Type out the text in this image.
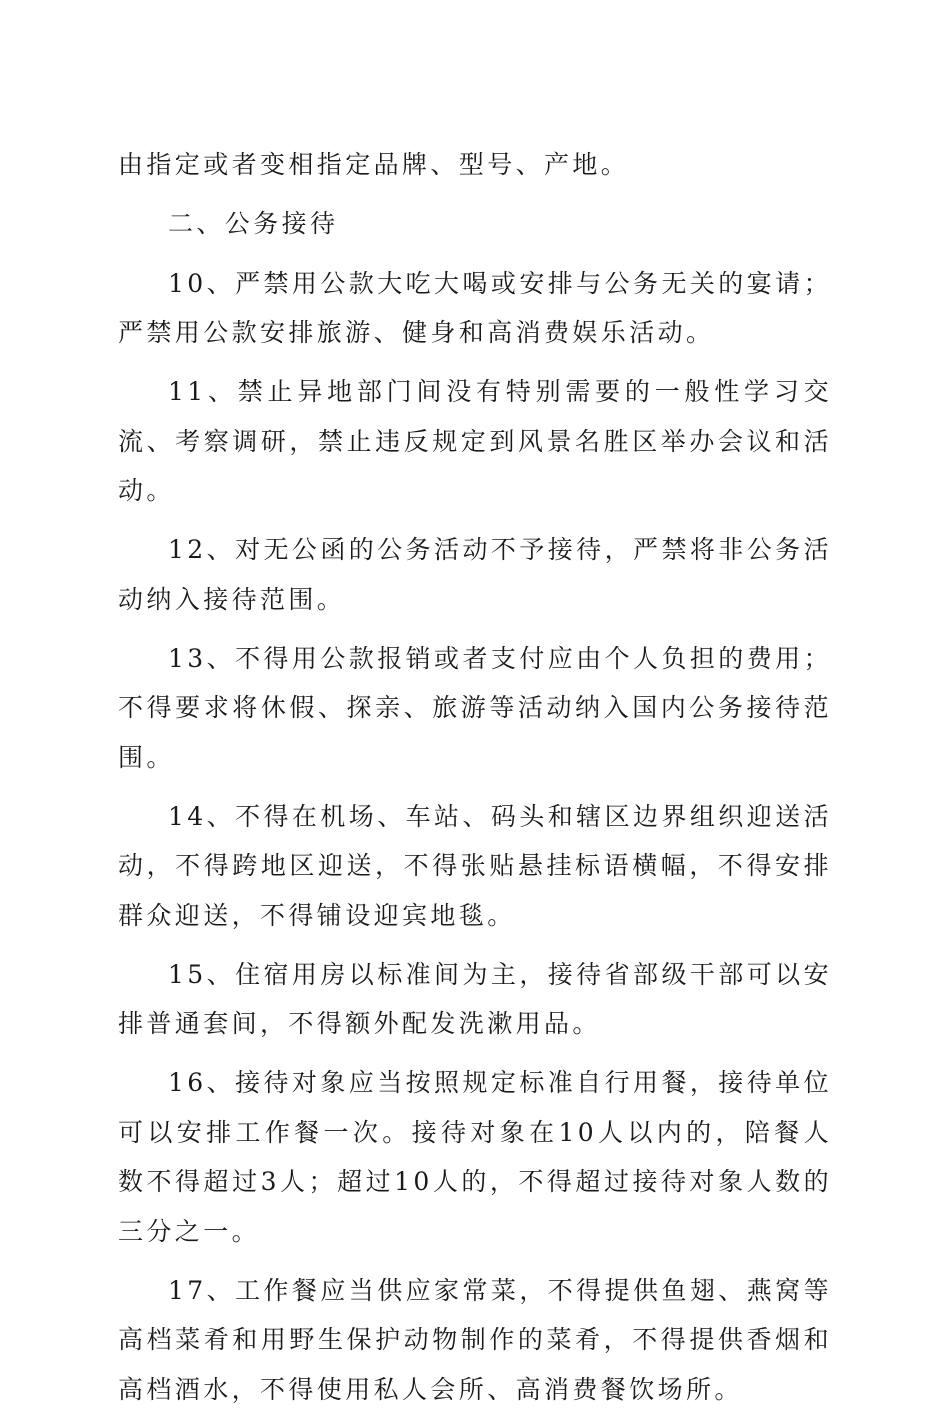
由指定或者变相指定品牌、型号、产地。

二、公务接待

10、严禁用公款大吃大喝或安排与公务无关的宴请；严禁用公款安排旅游、健身和高消费娱乐活动。

11、禁止异地部门间没有特别需要的一般性学习交流、考察调研，禁止违反规定到风景名胜区举办会议和活动。

12、对无公函的公务活动不予接待，严禁将非公务活动纳入接待范围。

13、不得用公款报销或者支付应由个人负担的费用；不得要求将休假、探亲、旅游等活动纳入国内公务接待范围。

14、不得在机场、车站、码头和辖区边界组织迎送活动，不得跨地区迎送，不得张贴悬挂标语横幅，不得安排群众迎送，不得铺设迎宾地毯。

15、住宿用房以标准间为主，接待省部级干部可以安排普通套间，不得额外配发洗漱用品。

16、接待对象应当按照规定标准自行用餐，接待单位可以安排工作餐一次。接待对象在10人以内的，陪餐人数不得超过3人；超过10人的，不得超过接待对象人数的三分之一。

17、工作餐应当供应家常菜，不得提供鱼翅、燕窝等高档菜肴和用野生保护动物制作的菜肴，不得提供香烟和高档酒水，不得使用私人会所、高消费餐饮场所。
